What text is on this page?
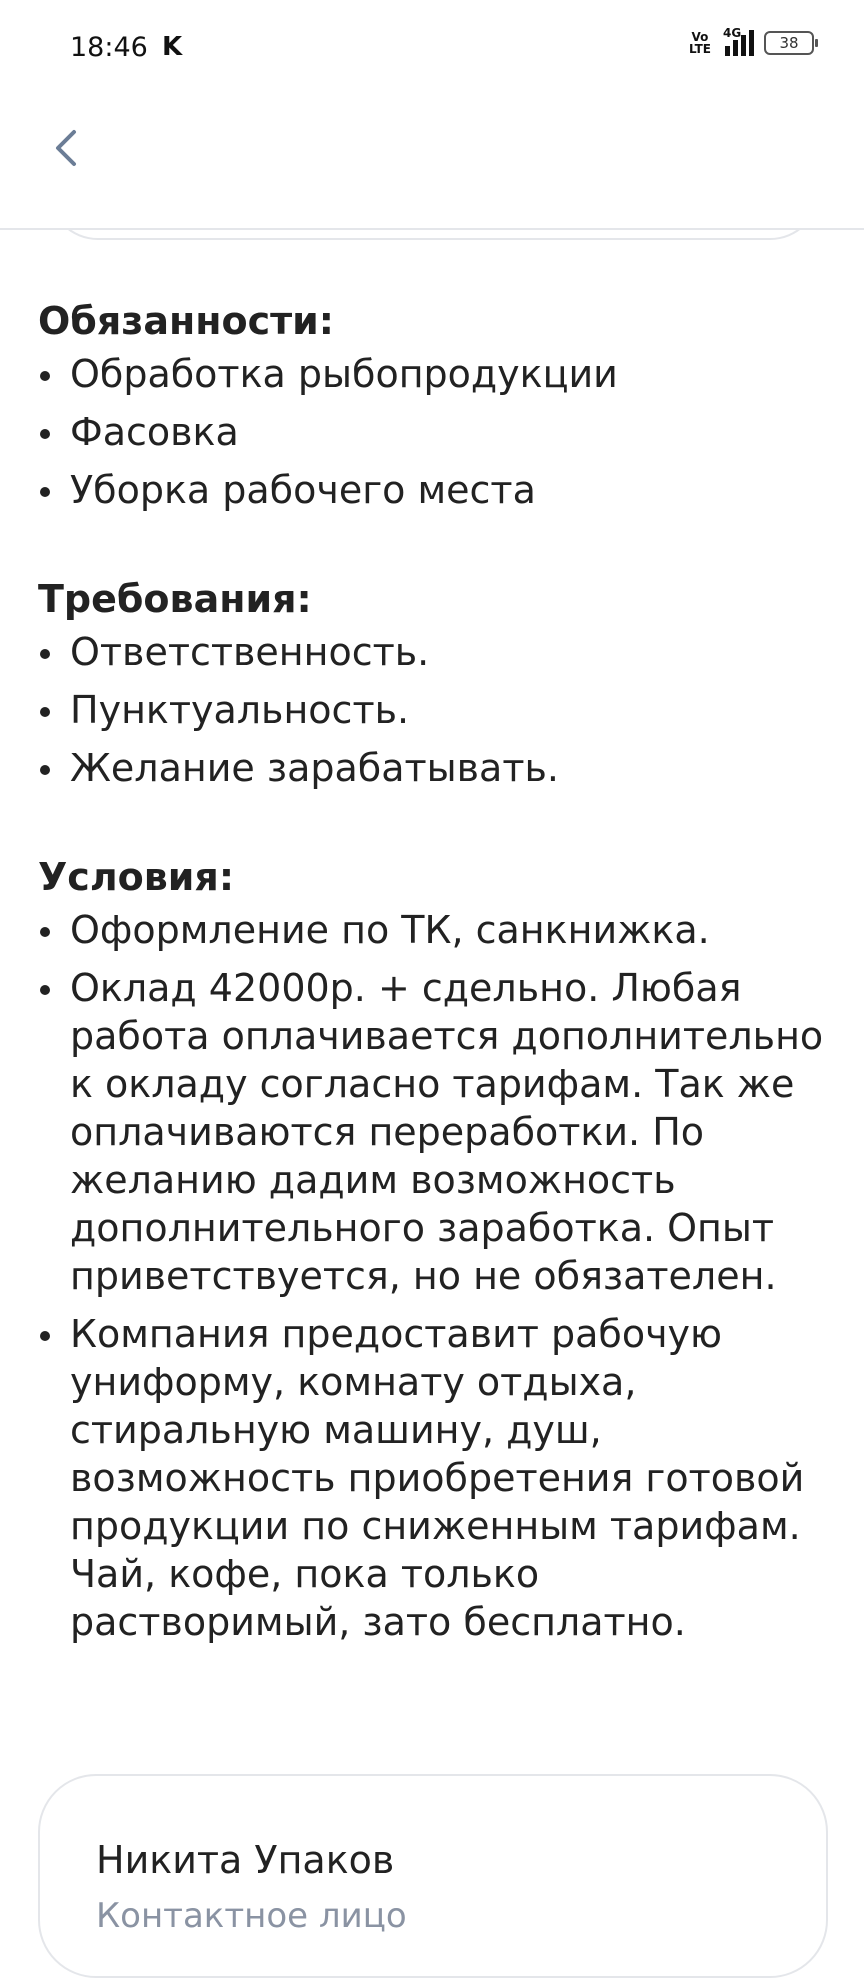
18:46 K	Vo
LTE
4G
38
Обязанности:
Обработка рыбопродукции
Фасовка
Уборка рабочего места
Требования:
Ответственность.
Пунктуальность.
Желание зарабатывать.
Условия:
Оформление по ТК, санкнижка.
Оклад 42000р. + сдельно. Любая работа оплачивается дополнительно к окладу согласно тарифам. Так же оплачиваются переработки. По желанию дадим возможность дополнительного заработка. Опыт приветствуется, но не обязателен.
Компания предоставит рабочую униформу, комнату отдыха, стиральную машину, душ, возможность приобретения готовой продукции по сниженным тарифам. Чай, кофе, пока только растворимый, зато бесплатно.
Никита Упаков
Контактное лицо
